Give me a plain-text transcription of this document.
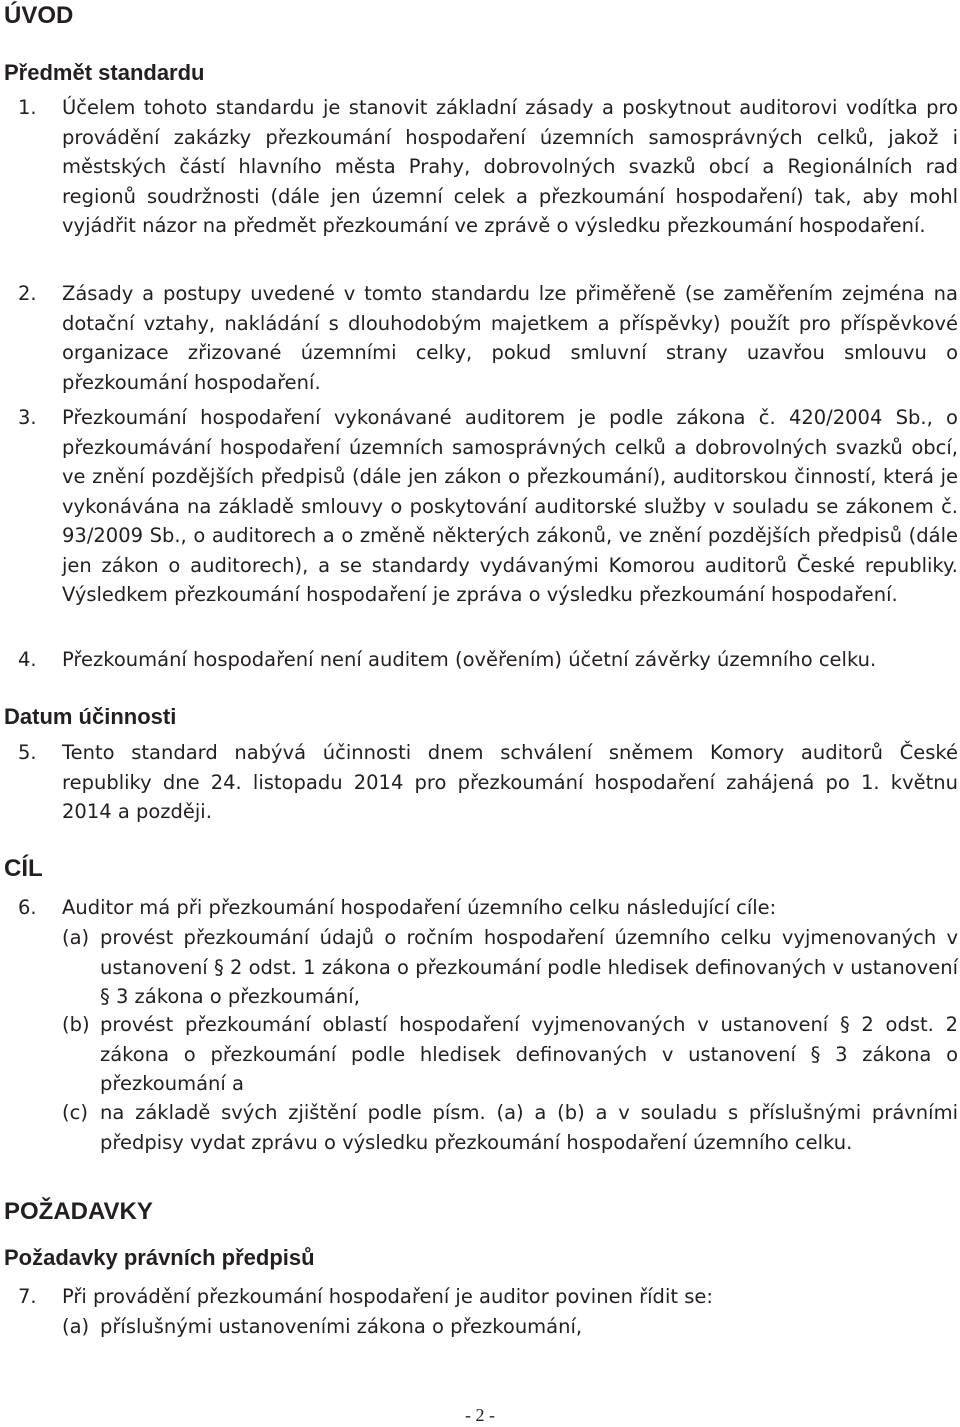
ÚVOD
Předmět standardu
1. Účelem tohoto standardu je stanovit základní zásady a poskytnout auditorovi vodítka pro provádění zakázky přezkoumání hospodaření územních samosprávných celků, jakož i městských částí hlavního města Prahy, dobrovolných svazků obcí a Regionálních rad regionů soudržnosti (dále jen územní celek a přezkoumání hospodaření) tak, aby mohl vyjádřit názor na předmět přezkoumání ve zprávě o výsledku přezkoumání hospodaření.
2. Zásady a postupy uvedené v tomto standardu lze přiměřeně (se zaměřením zejména na dotační vztahy, nakládání s dlouhodobým majetkem a příspěvky) použít pro příspěvkové organizace zřizované územními celky, pokud smluvní strany uzavřou smlouvu o přezkoumání hospodaření.
3. Přezkoumání hospodaření vykonávané auditorem je podle zákona č. 420/2004 Sb., o přezkoumávání hospodaření územních samosprávných celků a dobrovolných svazků obcí, ve znění pozdějších předpisů (dále jen zákon o přezkoumání), auditorskou činností, která je vykonávána na základě smlouvy o poskytování auditorské služby v souladu se zákonem č. 93/2009 Sb., o auditorech a o změně některých zákonů, ve znění pozdějších předpisů (dále jen zákon o auditorech), a se standardy vydávanými Komorou auditorů České republiky. Výsledkem přezkoumání hospodaření je zpráva o výsledku přezkoumání hospodaření.
4. Přezkoumání hospodaření není auditem (ověřením) účetní závěrky územního celku.
Datum účinnosti
5. Tento standard nabývá účinnosti dnem schválení sněmem Komory auditorů České republiky dne 24. listopadu 2014 pro přezkoumání hospodaření zahájená po 1. květnu 2014 a později.
CÍL
6. Auditor má při přezkoumání hospodaření územního celku následující cíle:
(a) provést přezkoumání údajů o ročním hospodaření územního celku vyjmenovaných v ustanovení § 2 odst. 1 zákona o přezkoumání podle hledisek definovaných v ustanovení § 3 zákona o přezkoumání,
(b) provést přezkoumání oblastí hospodaření vyjmenovaných v ustanovení § 2 odst. 2 zákona o přezkoumání podle hledisek definovaných v ustanovení § 3 zákona o přezkoumání a
(c) na základě svých zjištění podle písm. (a) a (b) a v souladu s příslušnými právními předpisy vydat zprávu o výsledku přezkoumání hospodaření územního celku.
POŽADAVKY
Požadavky právních předpisů
7. Při provádění přezkoumání hospodaření je auditor povinen řídit se:
(a) příslušnými ustanoveními zákona o přezkoumání,
- 2 -
